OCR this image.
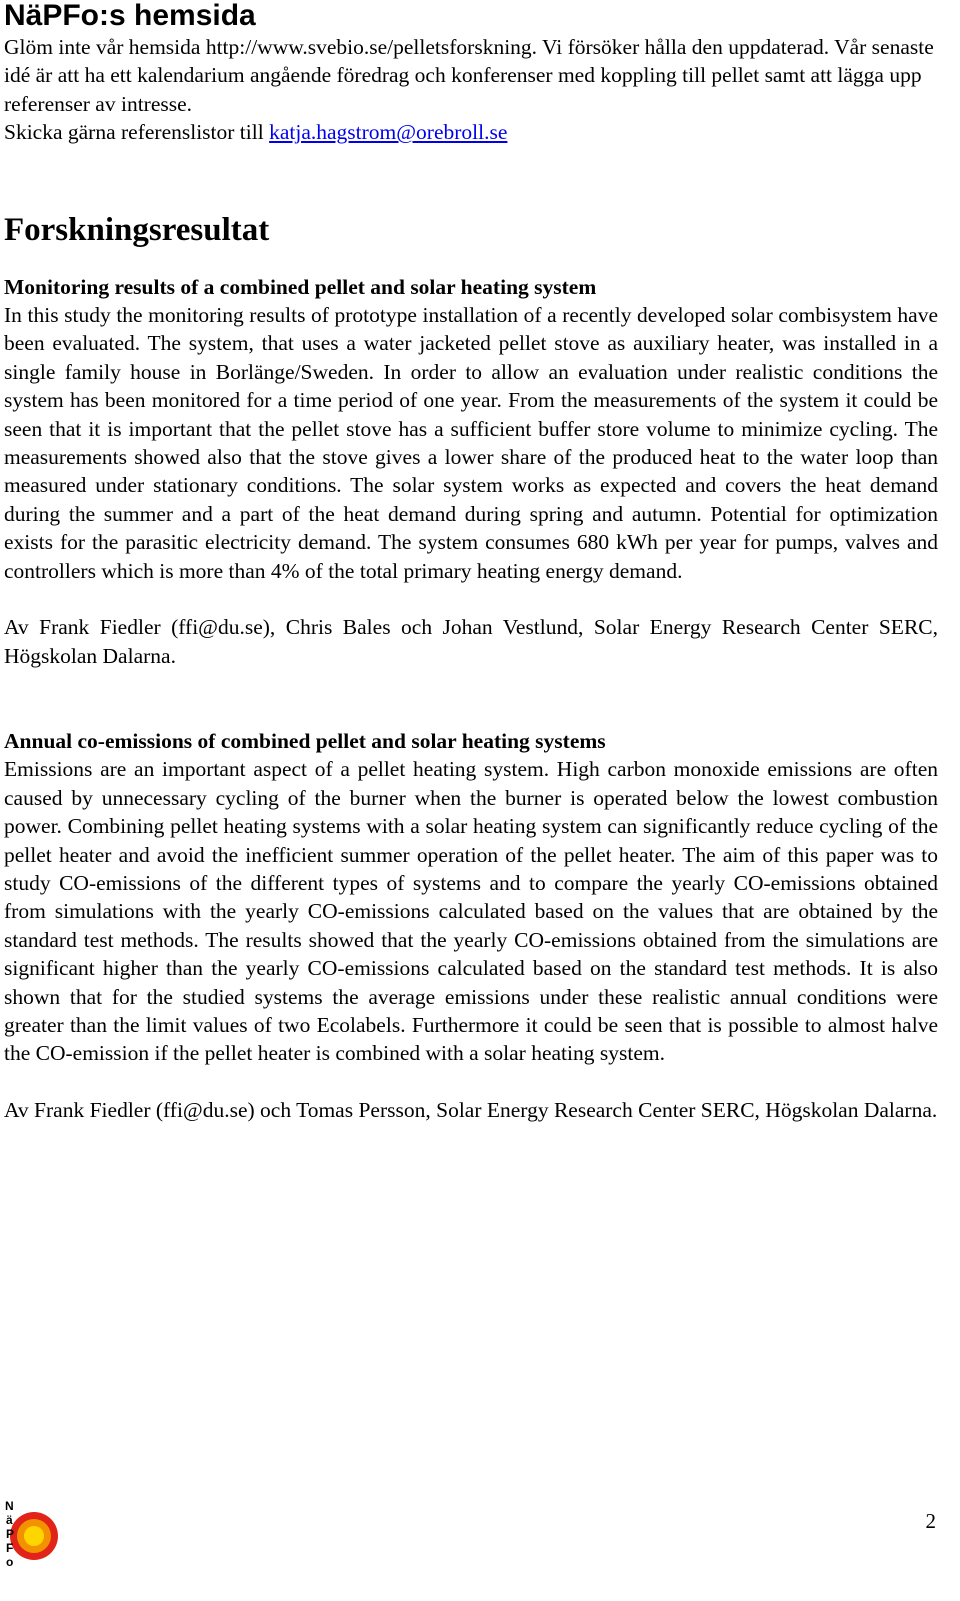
NäPFo:s hemsida

Glöm inte vår hemsida http://www.svebio.se/pelletsforskning. Vi försöker hålla den uppdaterad. Vår senaste idé är att ha ett kalendarium angående föredrag och konferenser med koppling till pellet samt att lägga upp referenser av intresse.
Skicka gärna referenslistor till katja.hagstrom@orebroll.se

Forskningsresultat
Monitoring results of a combined pellet and solar heating system

In this study the monitoring results of prototype installation of a recently developed solar combisystem have been evaluated. The system, that uses a water jacketed pellet stove as auxiliary heater, was installed in a single family house in Borlänge/Sweden. In order to allow an evaluation under realistic conditions the system has been monitored for a time period of one year. From the measurements of the system it could be seen that it is important that the pellet stove has a sufficient buffer store volume to minimize cycling. The measurements showed also that the stove gives a lower share of the produced heat to the water loop than measured under stationary conditions. The solar system works as expected and covers the heat demand during the summer and a part of the heat demand during spring and autumn. Potential for optimization exists for the parasitic electricity demand. The system consumes 680 kWh per year for pumps, valves and controllers which is more than 4% of the total primary heating energy demand.

Av Frank Fiedler (ffi@du.se), Chris Bales och Johan Vestlund, Solar Energy Research Center SERC, Högskolan Dalarna.

Annual co-emissions of combined pellet and solar heating systems

Emissions are an important aspect of a pellet heating system. High carbon monoxide emissions are often caused by unnecessary cycling of the burner when the burner is operated below the lowest combustion power. Combining pellet heating systems with a solar heating system can significantly reduce cycling of the pellet heater and avoid the inefficient summer operation of the pellet heater. The aim of this paper was to study CO-emissions of the different types of systems and to compare the yearly CO-emissions obtained from simulations with the yearly CO-emissions calculated based on the values that are obtained by the standard test methods. The results showed that the yearly CO-emissions obtained from the simulations are significant higher than the yearly CO-emissions calculated based on the standard test methods. It is also shown that for the studied systems the average emissions under these realistic annual conditions were greater than the limit values of two Ecolabels. Furthermore it could be seen that is possible to almost halve the CO-emission if the pellet heater is combined with a solar heating system.

Av Frank Fiedler (ffi@du.se) och Tomas Persson, Solar Energy Research Center SERC, Högskolan Dalarna.

N
ä
P
F
o
2
